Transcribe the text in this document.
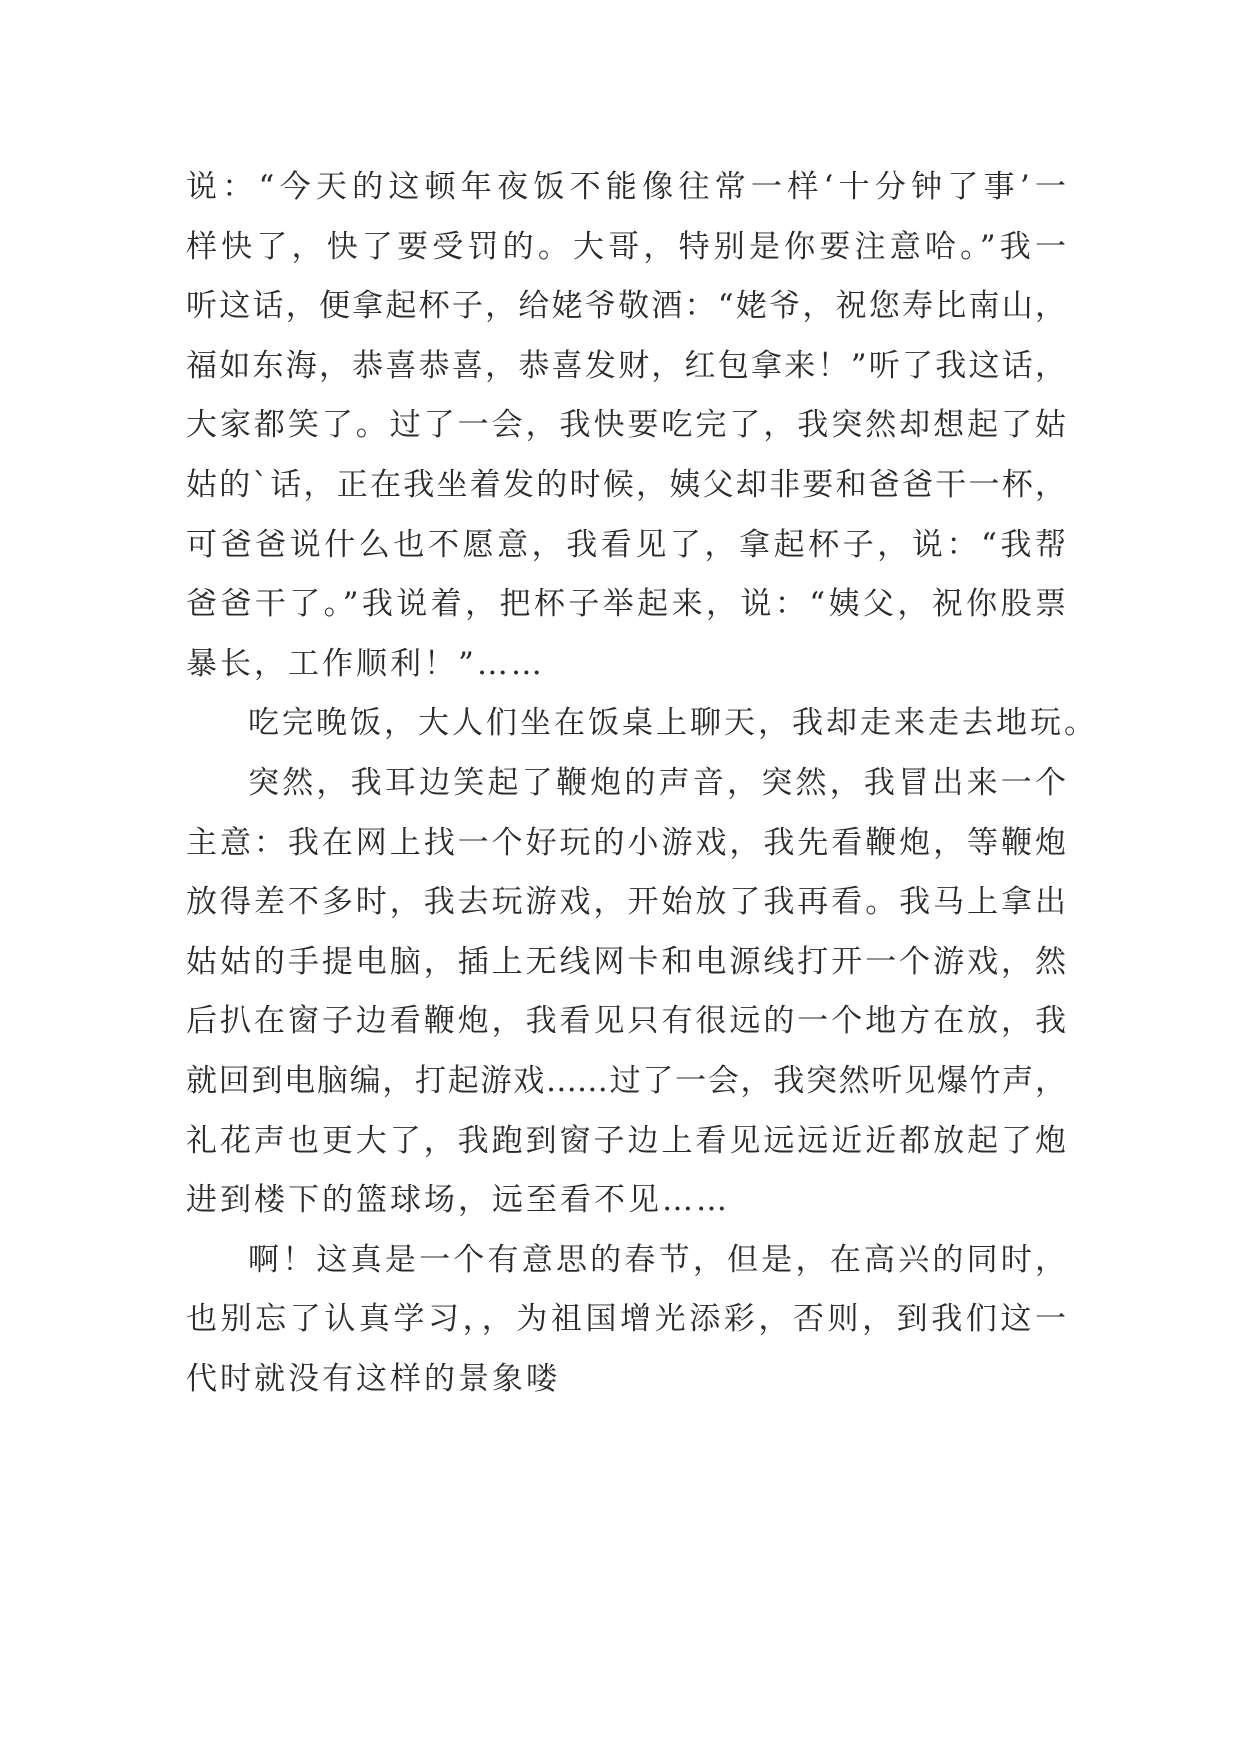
说：“今天的这顿年夜饭不能像往常一样‘十分钟了事’一
样快了，快了要受罚的。大哥，特别是你要注意哈。”我一
听这话，便拿起杯子，给姥爷敬酒：“姥爷，祝您寿比南山，
福如东海，恭喜恭喜，恭喜发财，红包拿来！”听了我这话，
大家都笑了。过了一会，我快要吃完了，我突然却想起了姑
姑的`话，正在我坐着发的时候，姨父却非要和爸爸干一杯，
可爸爸说什么也不愿意，我看见了，拿起杯子，说：“我帮
爸爸干了。”我说着，把杯子举起来，说：“姨父，祝你股票
暴长，工作顺利！”……
吃完晚饭，大人们坐在饭桌上聊天，我却走来走去地玩。
突然，我耳边笑起了鞭炮的声音，突然，我冒出来一个
主意：我在网上找一个好玩的小游戏，我先看鞭炮，等鞭炮
放得差不多时，我去玩游戏，开始放了我再看。我马上拿出
姑姑的手提电脑，插上无线网卡和电源线打开一个游戏，然
后扒在窗子边看鞭炮，我看见只有很远的一个地方在放，我
就回到电脑编，打起游戏……过了一会，我突然听见爆竹声，
礼花声也更大了，我跑到窗子边上看见远远近近都放起了炮
进到楼下的篮球场，远至看不见……
啊！这真是一个有意思的春节，但是，在高兴的同时，
也别忘了认真学习，，为祖国增光添彩，否则，到我们这一
代时就没有这样的景象喽
